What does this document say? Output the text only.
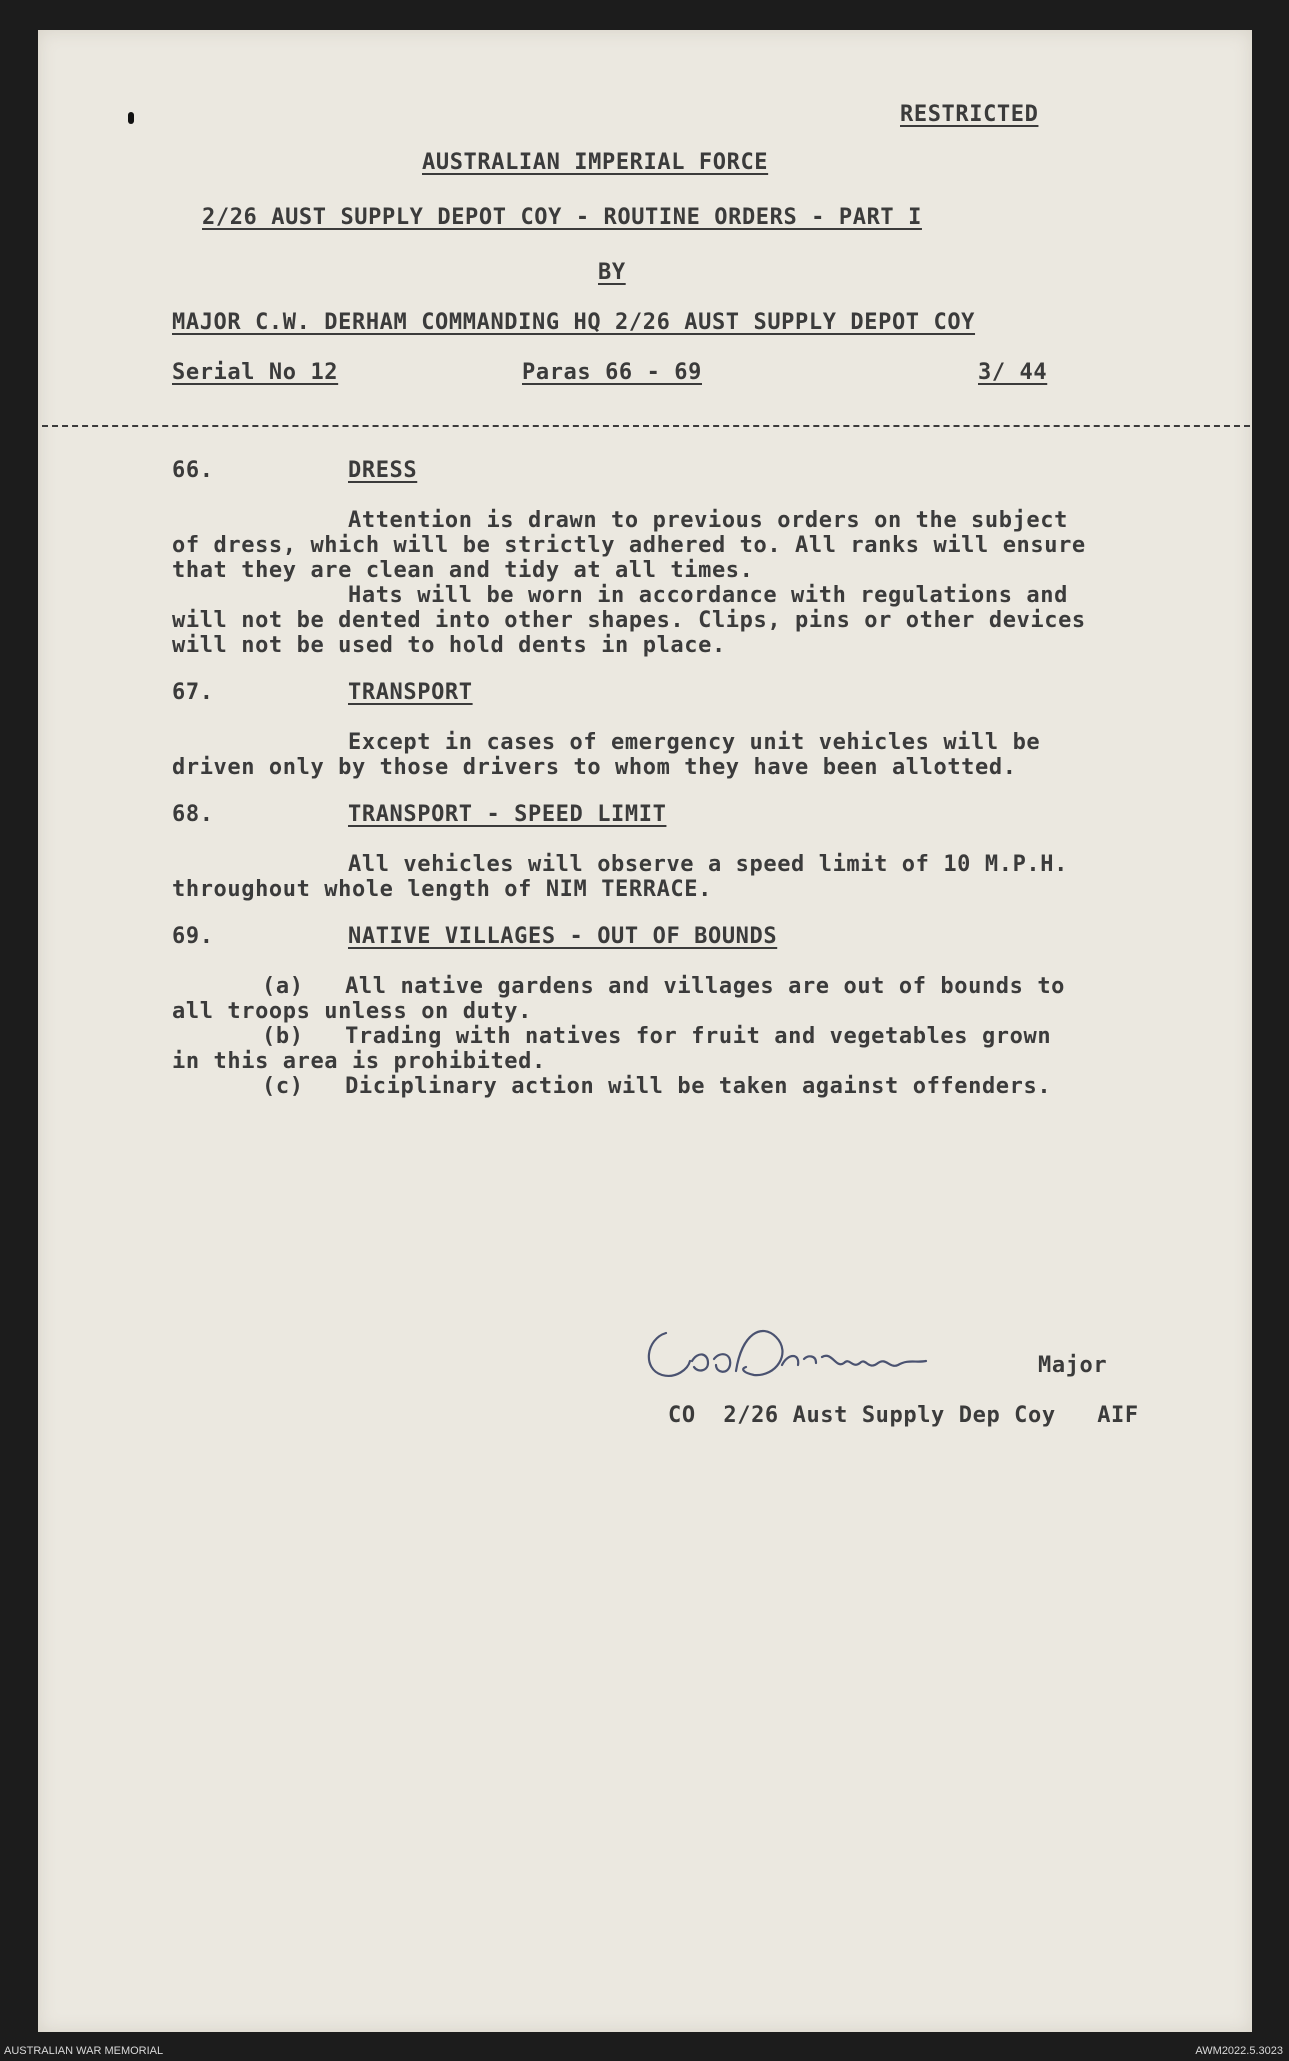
RESTRICTED
AUSTRALIAN IMPERIAL FORCE
2/26 AUST SUPPLY DEPOT COY - ROUTINE ORDERS - PART I
BY
MAJOR C.W. DERHAM COMMANDING HQ 2/26 AUST SUPPLY DEPOT COY
Serial No 12	Paras 66 - 69	3/ 44
66.	DRESS
Attention is drawn to previous orders on the subject
of dress, which will be strictly adhered to. All ranks will ensure
that they are clean and tidy at all times.
Hats will be worn in accordance with regulations and
will not be dented into other shapes. Clips, pins or other devices
will not be used to hold dents in place.
67.	TRANSPORT
Except in cases of emergency unit vehicles will be
driven only by those drivers to whom they have been allotted.
68.	TRANSPORT - SPEED LIMIT
All vehicles will observe a speed limit of 10 M.P.H.
throughout whole length of NIM TERRACE.
69.	NATIVE VILLAGES - OUT OF BOUNDS
(a)   All native gardens and villages are out of bounds to
all troops unless on duty.
(b)   Trading with natives for fruit and vegetables grown
in this area is prohibited.
(c)   Diciplinary action will be taken against offenders.
Major
CO  2/26 Aust Supply Dep Coy   AIF
AUSTRALIAN WAR MEMORIAL	AWM2022.5.3023
